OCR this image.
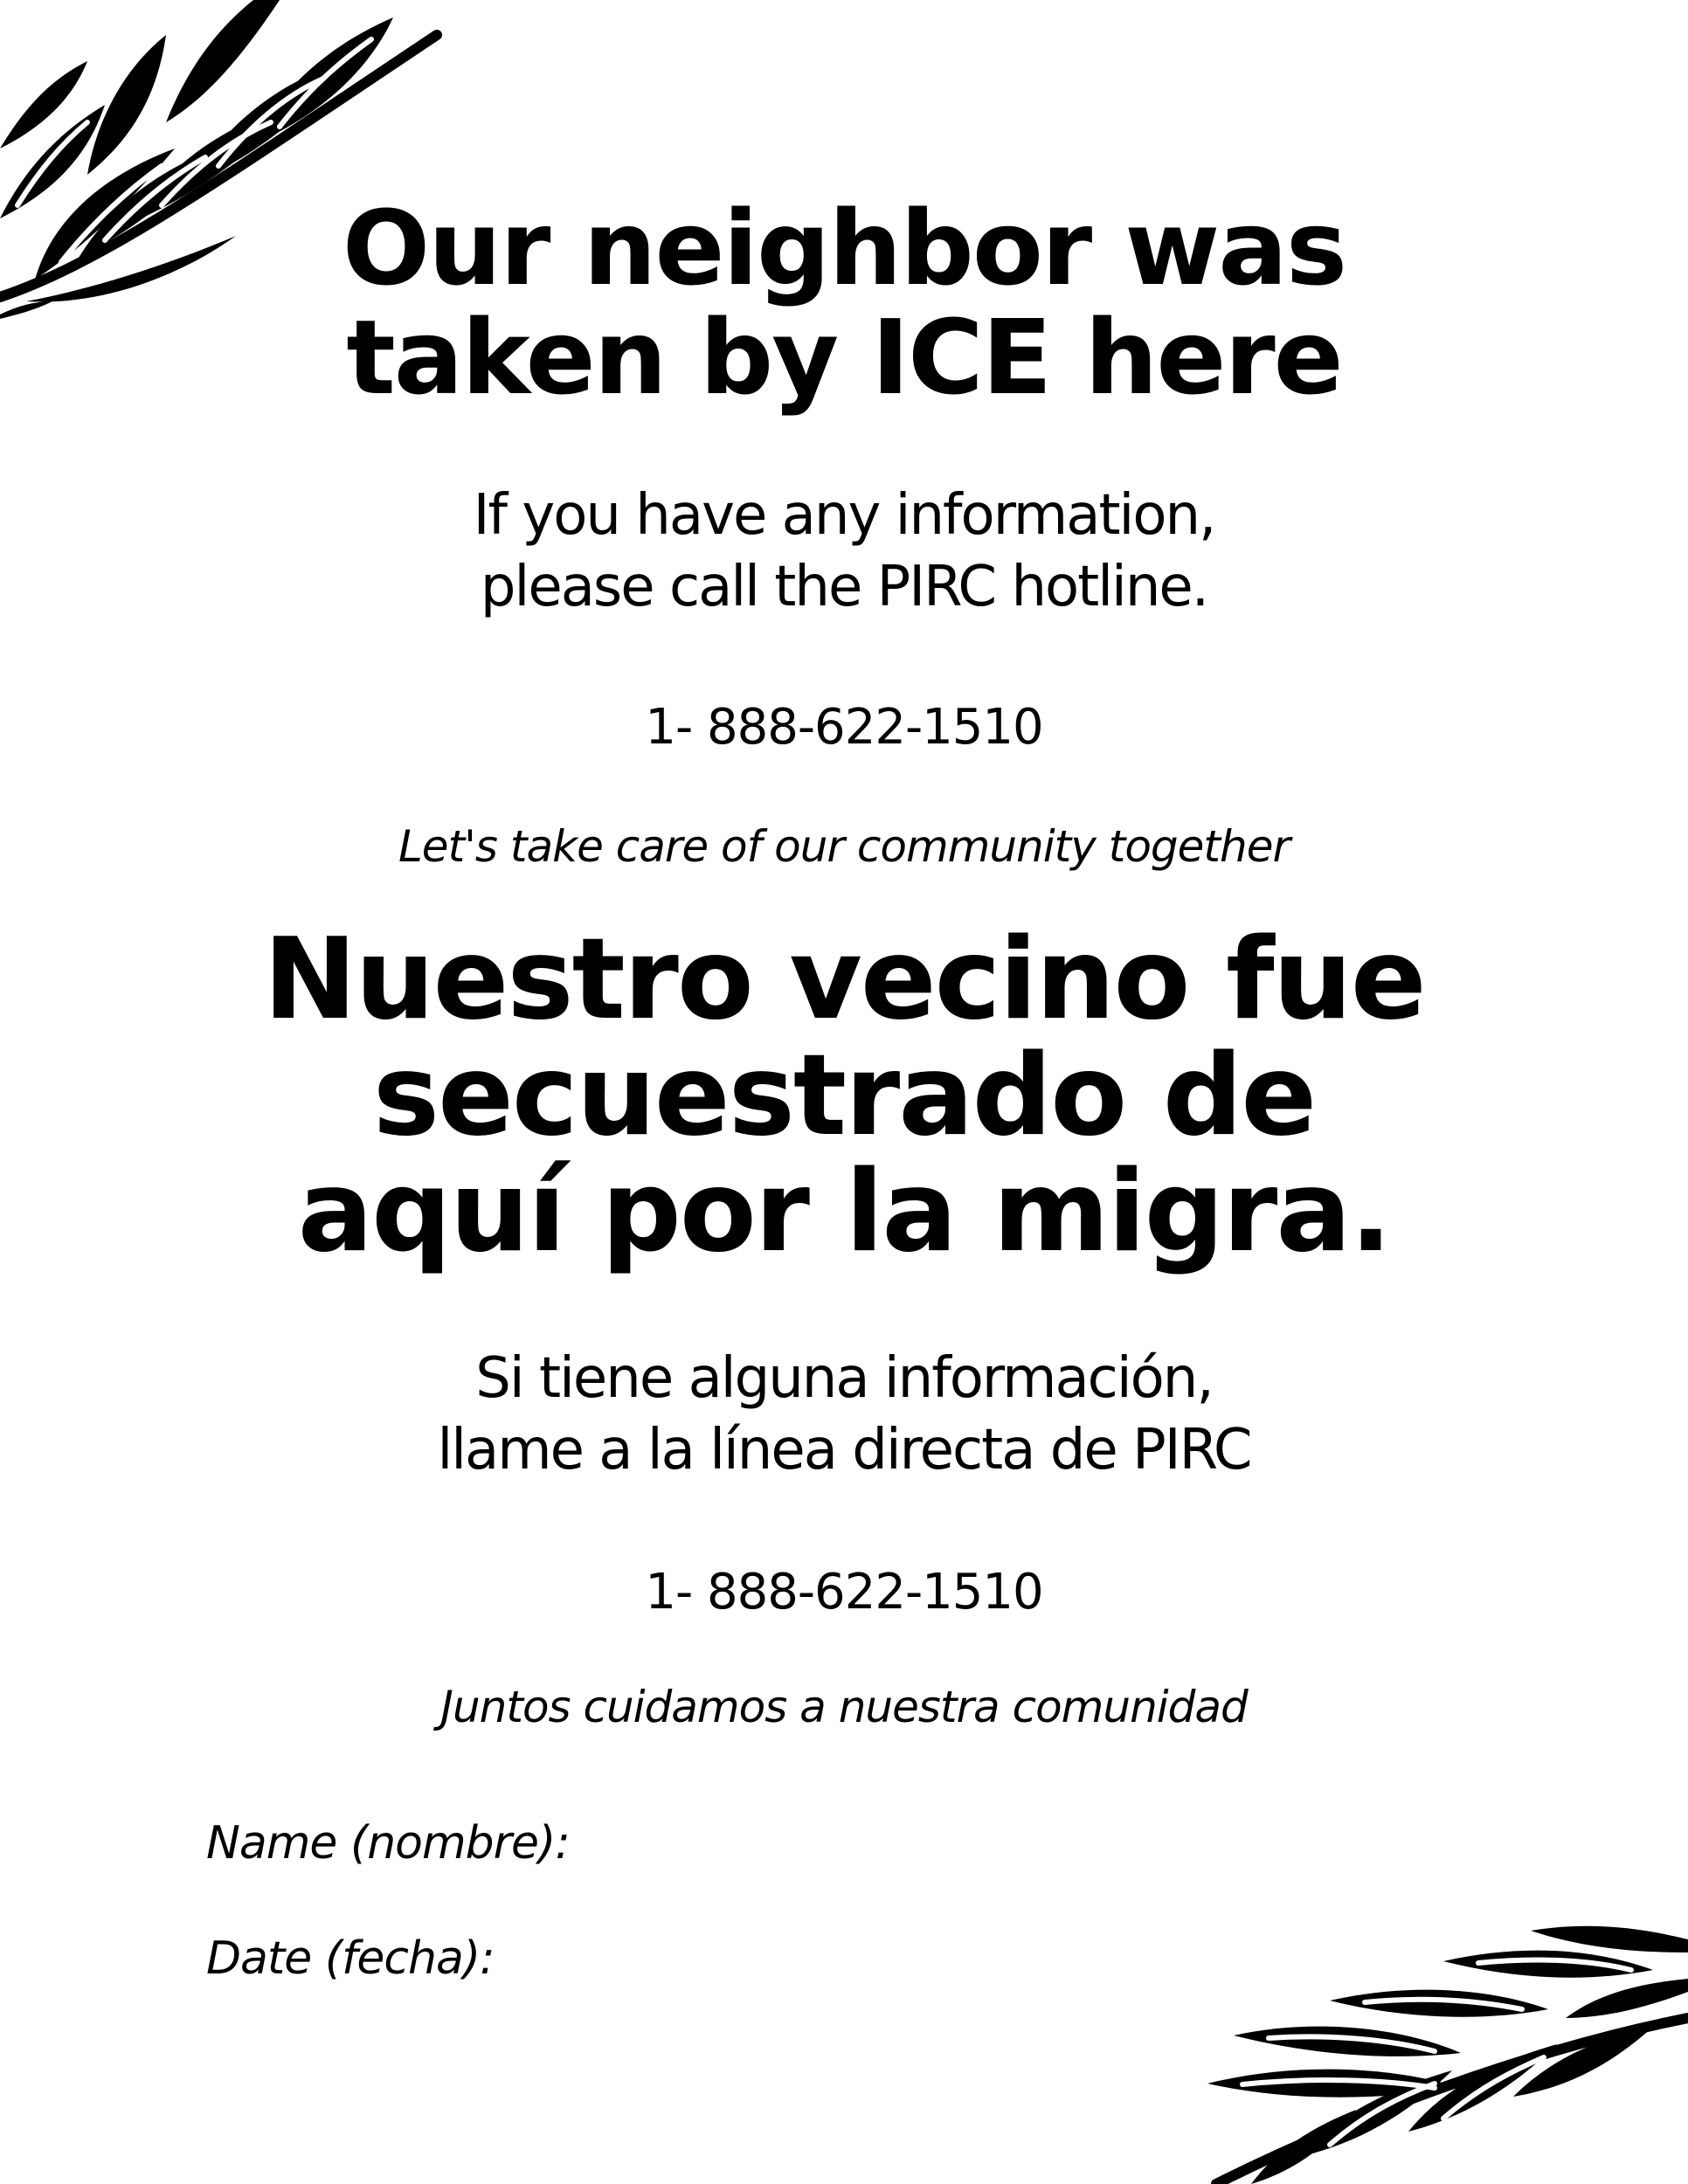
Our neighbor was
taken by ICE here
If you have any information,
please call the PIRC hotline.
1- 888-622-1510
Let's take care of our community together
Nuestro vecino fue
secuestrado de
aquí por la migra.
Si tiene alguna información,
llame a la línea directa de PIRC
1- 888-622-1510
Juntos cuidamos a nuestra comunidad
Name (nombre):
Date (fecha):
